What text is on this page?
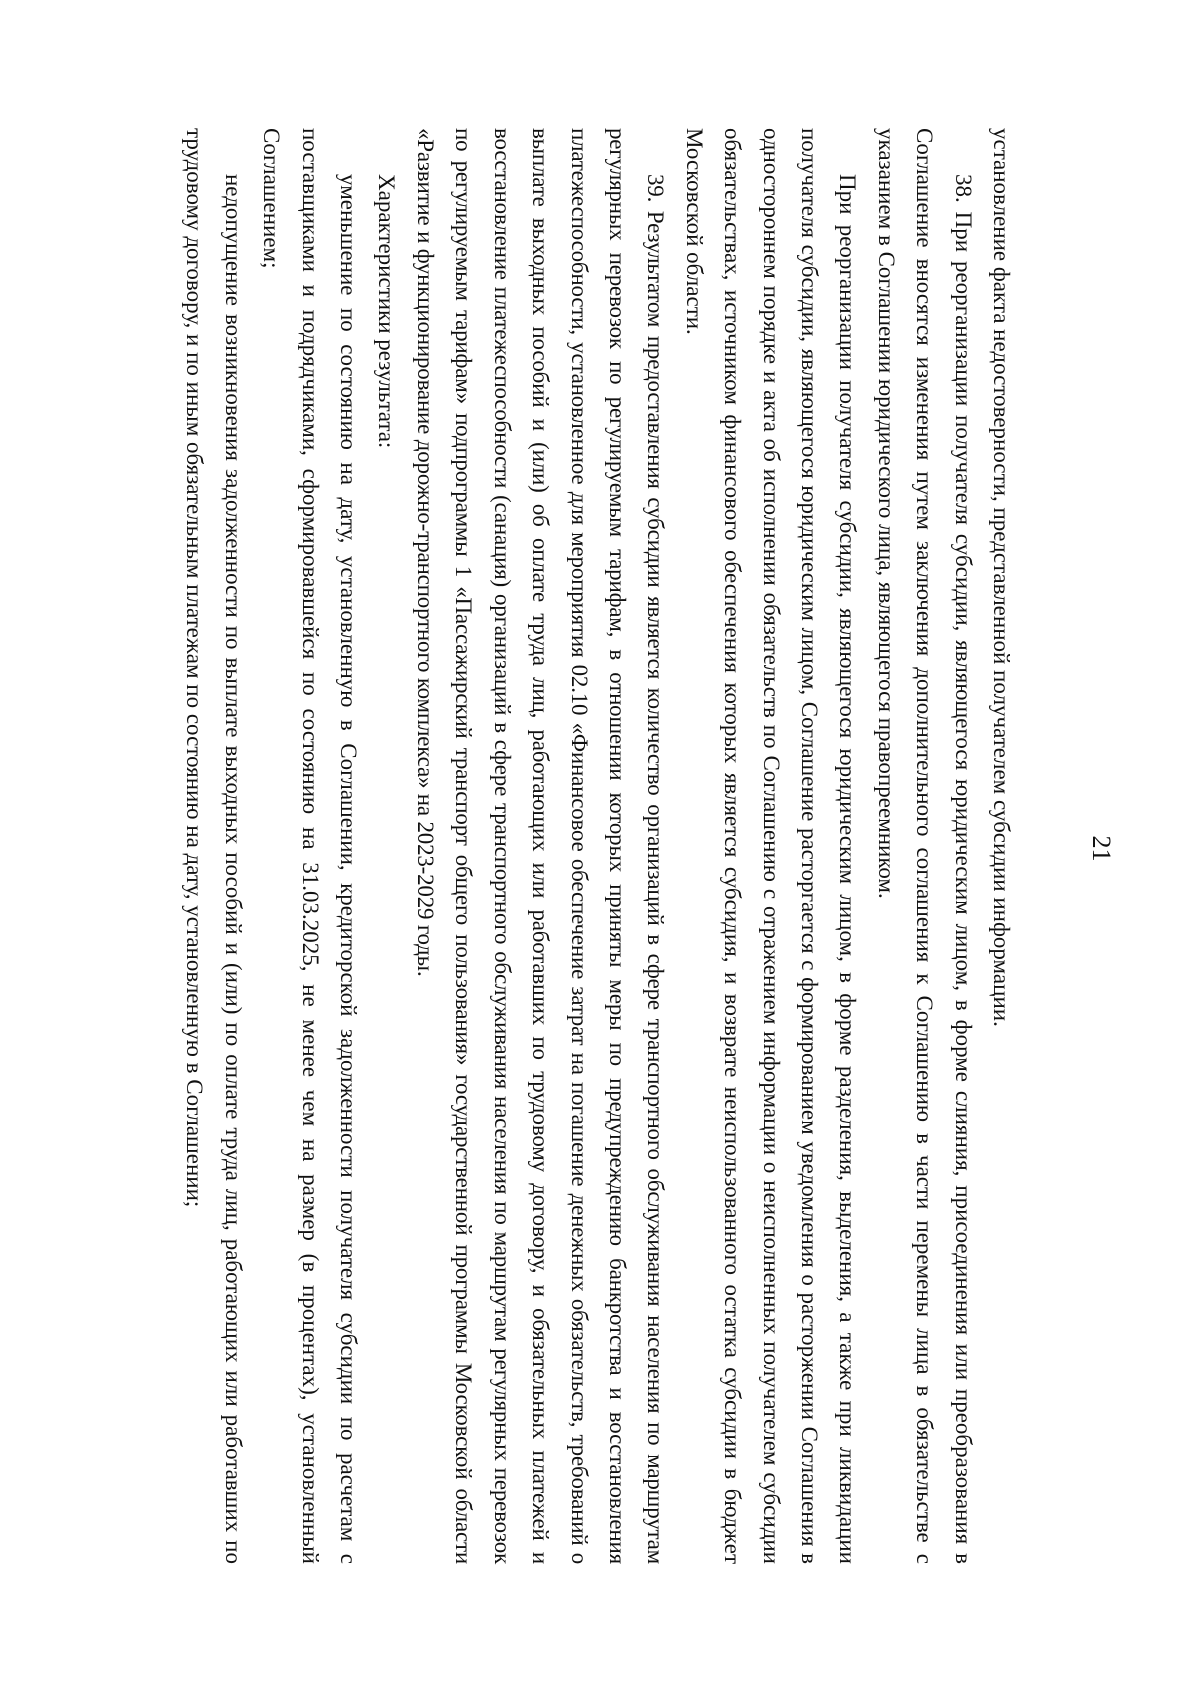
21

установление факта недостоверности, представленной получателем субсидии информации.

38. При реорганизации получателя субсидии, являющегося юридическим лицом, в форме слияния, присоединения или преобразования в Соглашение вносятся изменения путем заключения дополнительного соглашения к Соглашению в части перемены лица в обязательстве с указанием в Соглашении юридического лица, являющегося правопреемником.

При реорганизации получателя субсидии, являющегося юридическим лицом, в форме разделения, выделения, а также при ликвидации получателя субсидии, являющегося юридическим лицом, Соглашение расторгается с формированием уведомления о расторжении Соглашения в одностороннем порядке и акта об исполнении обязательств по Соглашению с отражением информации о неисполненных получателем субсидии обязательствах, источником финансового обеспечения которых является субсидия, и возврате неиспользованного остатка субсидии в бюджет Московской области.

39. Результатом предоставления субсидии является количество организаций в сфере транспортного обслуживания населения по маршрутам регулярных перевозок по регулируемым тарифам, в отношении которых приняты меры по предупреждению банкротства и восстановления платежеспособности, установленное для мероприятия 02.10 «Финансовое обеспечение затрат на погашение денежных обязательств, требований о выплате выходных пособий и (или) об оплате труда лиц, работающих или работавших по трудовому договору, и обязательных платежей и восстановление платежеспособности (санация) организаций в сфере транспортного обслуживания населения по маршрутам регулярных перевозок по регулируемым тарифам» подпрограммы 1 «Пассажирский транспорт общего пользования» государственной программы Московской области «Развитие и функционирование дорожно-транспортного комплекса» на 2023-2029 годы.

Характеристики результата:

уменьшение по состоянию на дату, установленную в Соглашении, кредиторской задолженности получателя субсидии по расчетам с поставщиками и подрядчиками, сформировавшейся по состоянию на 31.03.2025, не менее чем на размер (в процентах), установленный Соглашением;

недопущение возникновения задолженности по выплате выходных пособий и (или) по оплате труда лиц, работающих или работавших по трудовому договору, и по иным обязательным платежам по состоянию на дату, установленную в Соглашении;
